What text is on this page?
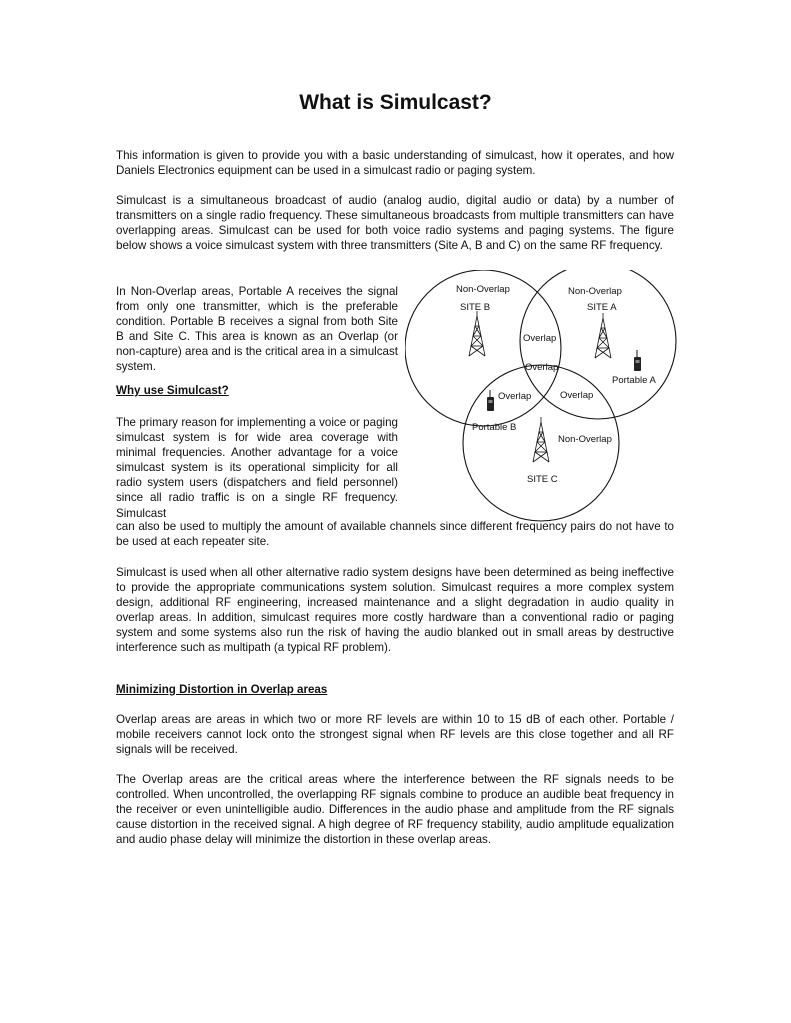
What is Simulcast?

This information is given to provide you with a basic understanding of simulcast, how it operates, and how Daniels Electronics equipment can be used in a simulcast radio or paging system.

Simulcast is a simultaneous broadcast of audio (analog audio, digital audio or data) by a number of transmitters on a single radio frequency. These simultaneous broadcasts from multiple transmitters can have overlapping areas. Simulcast can be used for both voice radio systems and paging systems. The figure below shows a voice simulcast system with three transmitters (Site A, B and C) on the same RF frequency.

In Non-Overlap areas, Portable A receives the signal from only one transmitter, which is the preferable condition. Portable B receives a signal from both Site B and Site C. This area is known as an Overlap (or non-capture) area and is the critical area in a simulcast system.

Why use Simulcast?

The primary reason for implementing a voice or paging simulcast system is for wide area coverage with minimal frequencies. Another advantage for a voice simulcast system is its operational simplicity for all radio system users (dispatchers and field personnel) since all radio traffic is on a single RF frequency. Simulcast

can also be used to multiply the amount of available channels since different frequency pairs do not have to be used at each repeater site.

Simulcast is used when all other alternative radio system designs have been determined as being ineffective to provide the appropriate communications system solution. Simulcast requires a more complex system design, additional RF engineering, increased maintenance and a slight degradation in audio quality in overlap areas. In addition, simulcast requires more costly hardware than a conventional radio or paging system and some systems also run the risk of having the audio blanked out in small areas by destructive interference such as multipath (a typical RF problem).

Minimizing Distortion in Overlap areas

Overlap areas are areas in which two or more RF levels are within 10 to 15 dB of each other. Portable / mobile receivers cannot lock onto the strongest signal when RF levels are this close together and all RF signals will be received.

The Overlap areas are the critical areas where the interference between the RF signals needs to be controlled. When uncontrolled, the overlapping RF signals combine to produce an audible beat frequency in the receiver or even unintelligible audio. Differences in the audio phase and amplitude from the RF signals cause distortion in the received signal. A high degree of RF frequency stability, audio amplitude equalization and audio phase delay will minimize the distortion in these overlap areas.

Non-Overlap
SITE B
Non-Overlap
SITE A
Overlap
Overlap
Overlap	Overlap
Portable A
Portable B
Non-Overlap
SITE C
